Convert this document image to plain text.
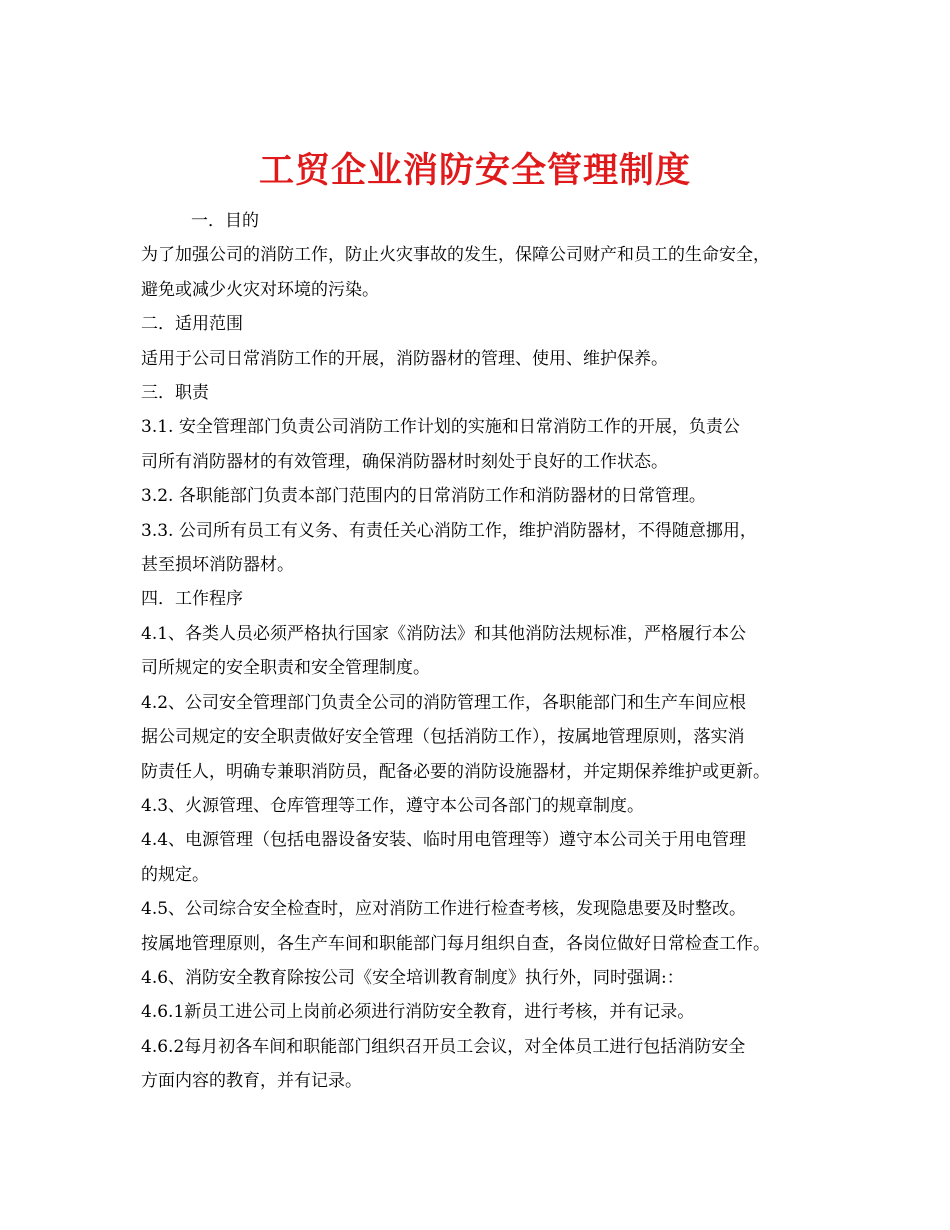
工贸企业消防安全管理制度

一．目的

为了加强公司的消防工作，防止火灾事故的发生，保障公司财产和员工的生命安全，

避免或减少火灾对环境的污染。

二．适用范围

适用于公司日常消防工作的开展，消防器材的管理、使用、维护保养。

三．职责

3.1. 安全管理部门负责公司消防工作计划的实施和日常消防工作的开展，负责公

司所有消防器材的有效管理，确保消防器材时刻处于良好的工作状态。

3.2. 各职能部门负责本部门范围内的日常消防工作和消防器材的日常管理。

3.3. 公司所有员工有义务、有责任关心消防工作，维护消防器材，不得随意挪用，

甚至损坏消防器材。

四．工作程序

4.1、各类人员必须严格执行国家《消防法》和其他消防法规标准，严格履行本公

司所规定的安全职责和安全管理制度。

4.2、公司安全管理部门负责全公司的消防管理工作，各职能部门和生产车间应根

据公司规定的安全职责做好安全管理（包括消防工作），按属地管理原则，落实消

防责任人，明确专兼职消防员，配备必要的消防设施器材，并定期保养维护或更新。

4.3、火源管理、仓库管理等工作，遵守本公司各部门的规章制度。

4.4、电源管理（包括电器设备安装、临时用电管理等）遵守本公司关于用电管理

的规定。

4.5、公司综合安全检查时，应对消防工作进行检查考核，发现隐患要及时整改。

按属地管理原则，各生产车间和职能部门每月组织自查，各岗位做好日常检查工作。

4.6、消防安全教育除按公司《安全培训教育制度》执行外，同时强调:：

4.6.1新员工进公司上岗前必须进行消防安全教育，进行考核，并有记录。

4.6.2每月初各车间和职能部门组织召开员工会议，对全体员工进行包括消防安全

方面内容的教育，并有记录。
